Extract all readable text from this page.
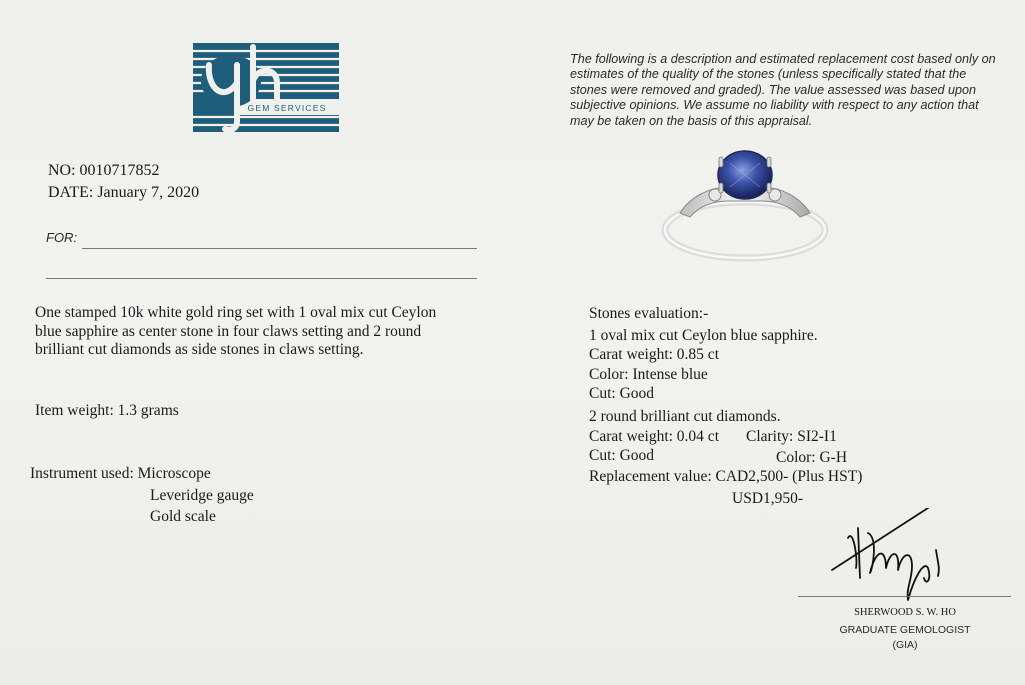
GEM SERVICES
The following is a description and estimated replacement cost based only on estimates of the quality of the stones (unless specifically stated that the stones were removed and graded). The value assessed was based upon subjective opinions. We assume no liability with respect to any action that may be taken on the basis of this appraisal.
NO: 0010717852
DATE: January 7, 2020
FOR:
One stamped 10k white gold ring set with 1 oval mix cut Ceylon blue sapphire as center stone in four claws setting and 2 round brilliant cut diamonds as side stones in claws setting.
Item weight: 1.3 grams
Instrument used: Microscope
Leveridge gauge
Gold scale
Stones evaluation:-
1 oval mix cut Ceylon blue sapphire.
Carat weight: 0.85 ct
Color: Intense blue
Cut: Good
2 round brilliant cut diamonds.
Carat weight: 0.04 ct Clarity: SI2-I1
Cut: Good	Color: G-H
Replacement value: CAD2,500- (Plus HST)
USD1,950-
SHERWOOD S. W. HO
GRADUATE GEMOLOGIST
(GIA)
